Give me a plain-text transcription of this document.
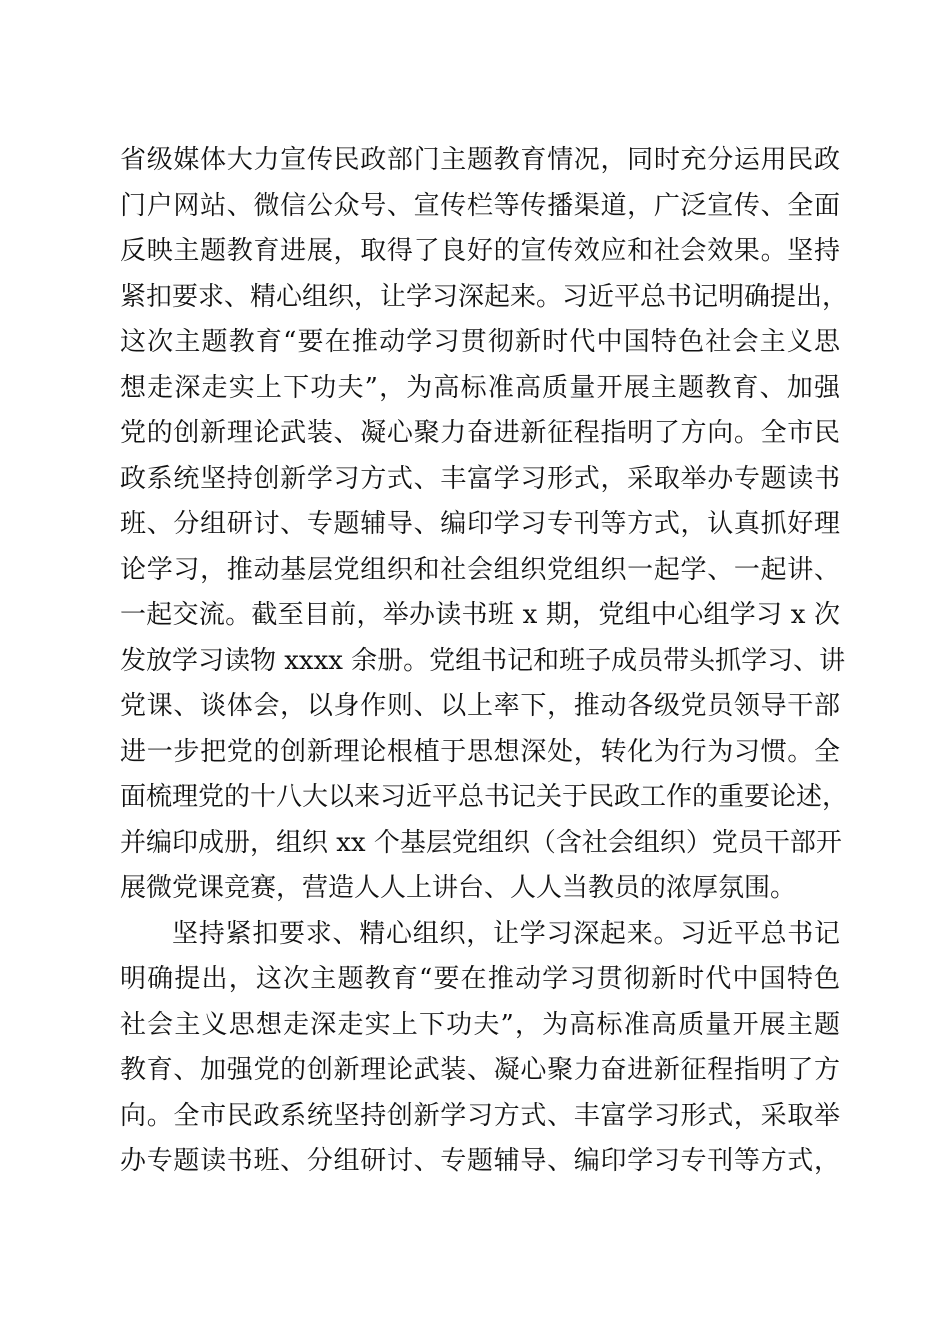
省级媒体大力宣传民政部门主题教育情况，同时充分运用民政
门户网站、微信公众号、宣传栏等传播渠道，广泛宣传、全面
反映主题教育进展，取得了良好的宣传效应和社会效果。坚持
紧扣要求、精心组织，让学习深起来。习近平总书记明确提出，
这次主题教育“要在推动学习贯彻新时代中国特色社会主义思
想走深走实上下功夫”，为高标准高质量开展主题教育、加强
党的创新理论武装、凝心聚力奋进新征程指明了方向。全市民
政系统坚持创新学习方式、丰富学习形式，采取举办专题读书
班、分组研讨、专题辅导、编印学习专刊等方式，认真抓好理
论学习，推动基层党组织和社会组织党组织一起学、一起讲、
一起交流。截至目前，举办读书班 x 期，党组中心组学习 x 次
发放学习读物 xxxx 余册。党组书记和班子成员带头抓学习、讲
党课、谈体会，以身作则、以上率下，推动各级党员领导干部
进一步把党的创新理论根植于思想深处，转化为行为习惯。全
面梳理党的十八大以来习近平总书记关于民政工作的重要论述，
并编印成册，组织 xx 个基层党组织（含社会组织）党员干部开
展微党课竞赛，营造人人上讲台、人人当教员的浓厚氛围。
坚持紧扣要求、精心组织，让学习深起来。习近平总书记
明确提出，这次主题教育“要在推动学习贯彻新时代中国特色
社会主义思想走深走实上下功夫”，为高标准高质量开展主题
教育、加强党的创新理论武装、凝心聚力奋进新征程指明了方
向。全市民政系统坚持创新学习方式、丰富学习形式，采取举
办专题读书班、分组研讨、专题辅导、编印学习专刊等方式，
